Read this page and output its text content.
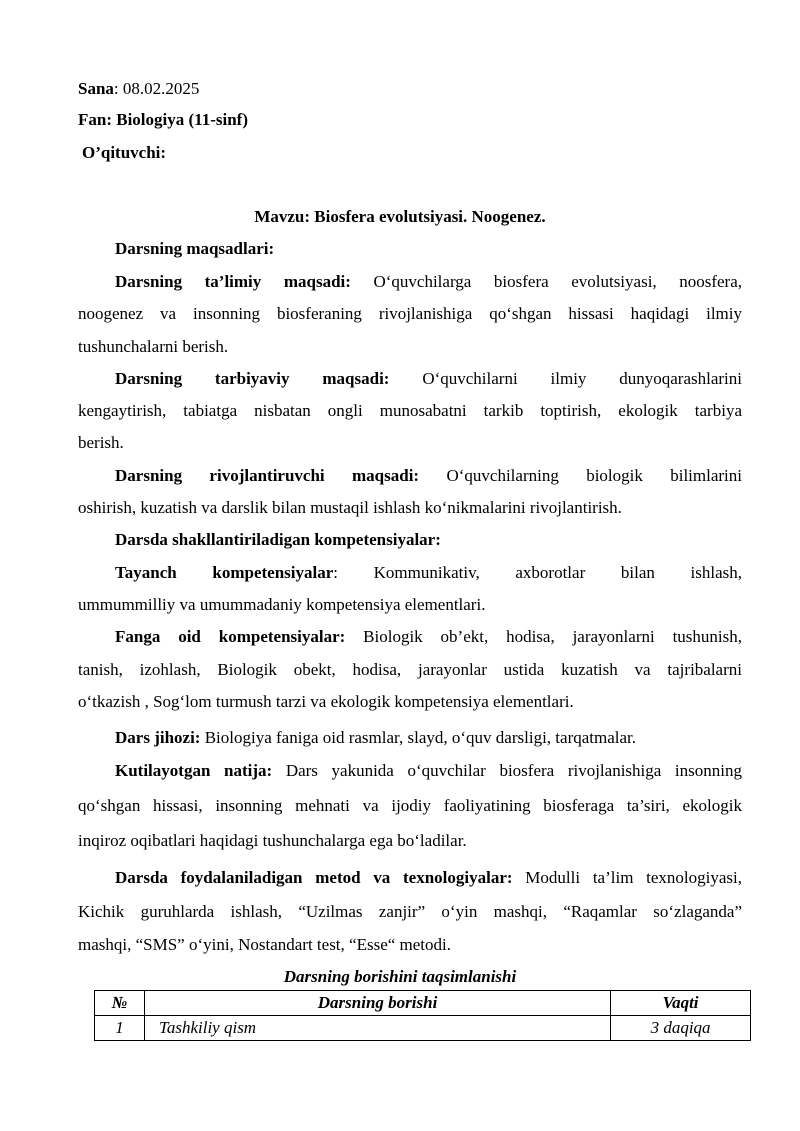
Sana: 08.02.2025
Fan: Biologiya (11-sinf)
O’qituvchi:
Mavzu: Biosfera evolutsiyasi. Noogenez.
Darsning maqsadlari:
Darsning ta’limiy maqsadi: O‘quvchilarga biosfera evolutsiyasi, noosfera,
noogenez va insonning biosferaning rivojlanishiga qo‘shgan hissasi haqidagi ilmiy
tushunchalarni berish.
Darsning tarbiyaviy maqsadi: O‘quvchilarni ilmiy dunyoqarashlarini
kengaytirish, tabiatga nisbatan ongli munosabatni tarkib toptirish, ekologik tarbiya
berish.
Darsning rivojlantiruvchi maqsadi: O‘quvchilarning biologik bilimlarini
oshirish, kuzatish va darslik bilan mustaqil ishlash ko‘nikmalarini rivojlantirish.
Darsda shakllantiriladigan kompetensiyalar:
Tayanch kompetensiyalar: Kommunikativ, axborotlar bilan ishlash,
ummummilliy va umummadaniy kompetensiya elementlari.
Fanga oid kompetensiyalar: Biologik ob’ekt, hodisa, jarayonlarni tushunish,
tanish, izohlash, Biologik obekt, hodisa, jarayonlar ustida kuzatish va tajribalarni
o‘tkazish , Sog‘lom turmush tarzi va ekologik kompetensiya elementlari.
Dars jihozi: Biologiya faniga oid rasmlar, slayd, o‘quv darsligi, tarqatmalar.
Kutilayotgan natija: Dars yakunida o‘quvchilar biosfera rivojlanishiga insonning
qo‘shgan hissasi, insonning mehnati va ijodiy faoliyatining biosferaga ta’siri, ekologik
inqiroz oqibatlari haqidagi tushunchalarga ega bo‘ladilar.
Darsda foydalaniladigan metod va texnologiyalar: Modulli ta’lim texnologiyasi,
Kichik guruhlarda ishlash, “Uzilmas zanjir” o‘yin mashqi, “Raqamlar so‘zlaganda”
mashqi, “SMS” o‘yini, Nostandart test, “Esse“ metodi.
Darsning borishini taqsimlanishi
№	Darsning borishi	Vaqti
1	Tashkiliy qism	3 daqiqa
